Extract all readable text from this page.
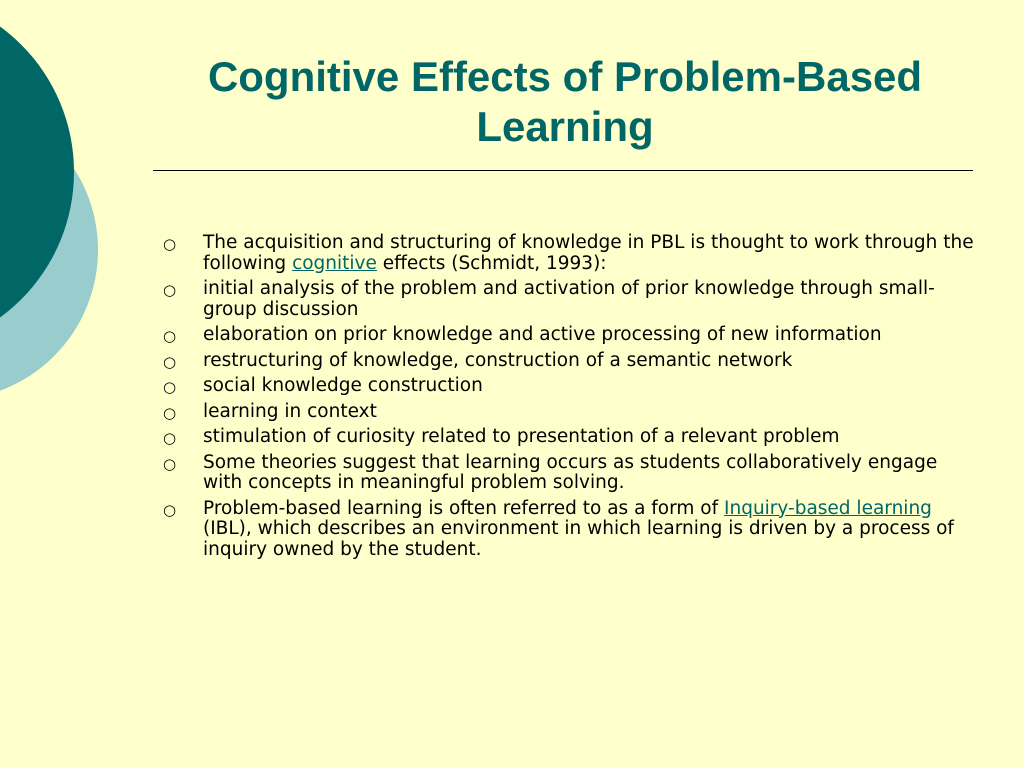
Cognitive Effects of Problem-Based Learning
○ The acquisition and structuring of knowledge in PBL is thought to work through the following cognitive effects (Schmidt, 1993):
○ initial analysis of the problem and activation of prior knowledge through small-group discussion
○ elaboration on prior knowledge and active processing of new information
○ restructuring of knowledge, construction of a semantic network
○ social knowledge construction
○ learning in context
○ stimulation of curiosity related to presentation of a relevant problem
○ Some theories suggest that learning occurs as students collaboratively engage with concepts in meaningful problem solving.
○ Problem-based learning is often referred to as a form of Inquiry-based learning (IBL), which describes an environment in which learning is driven by a process of inquiry owned by the student.
